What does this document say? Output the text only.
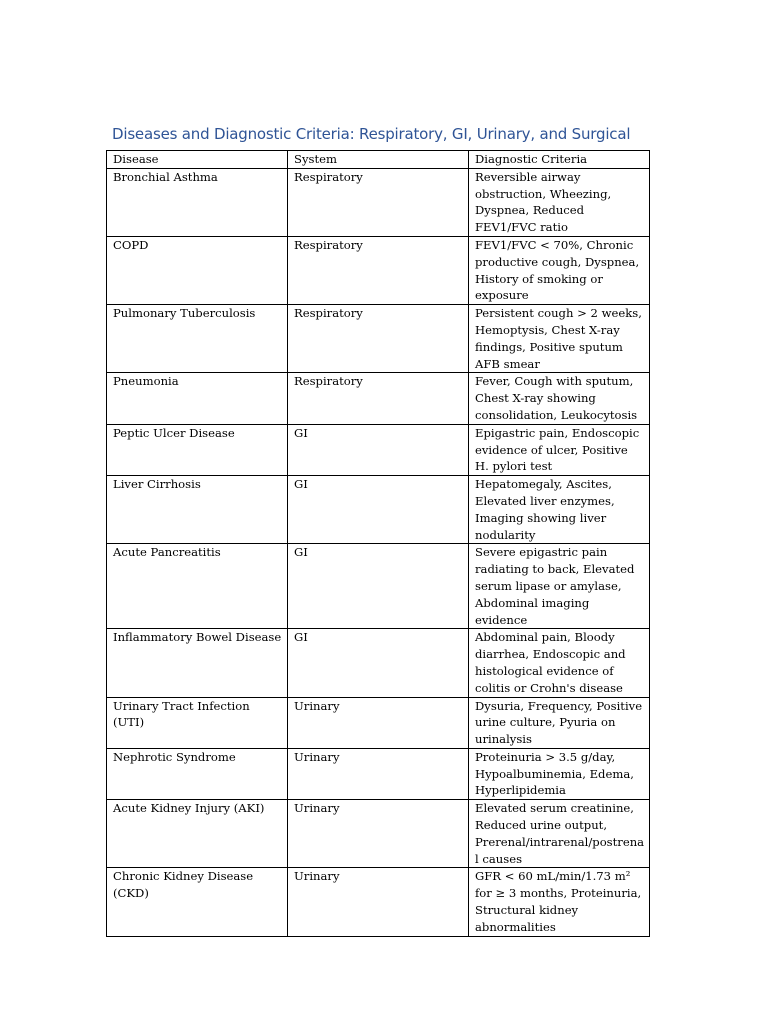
Diseases and Diagnostic Criteria: Respiratory, GI, Urinary, and Surgical
Disease	System	Diagnostic Criteria
Bronchial Asthma	Respiratory	Reversible airway obstruction, Wheezing, Dyspnea, Reduced FEV1/FVC ratio
COPD	Respiratory	FEV1/FVC < 70%, Chronic productive cough, Dyspnea, History of smoking or exposure
Pulmonary Tuberculosis	Respiratory	Persistent cough > 2 weeks, Hemoptysis, Chest X-ray findings, Positive sputum AFB smear
Pneumonia	Respiratory	Fever, Cough with sputum, Chest X-ray showing consolidation, Leukocytosis
Peptic Ulcer Disease	GI	Epigastric pain, Endoscopic evidence of ulcer, Positive H. pylori test
Liver Cirrhosis	GI	Hepatomegaly, Ascites, Elevated liver enzymes, Imaging showing liver nodularity
Acute Pancreatitis	GI	Severe epigastric pain radiating to back, Elevated serum lipase or amylase, Abdominal imaging evidence
Inflammatory Bowel Disease	GI	Abdominal pain, Bloody diarrhea, Endoscopic and histological evidence of colitis or Crohn's disease
Urinary Tract Infection (UTI)	Urinary	Dysuria, Frequency, Positive urine culture, Pyuria on urinalysis
Nephrotic Syndrome	Urinary	Proteinuria > 3.5 g/day, Hypoalbuminemia, Edema, Hyperlipidemia
Acute Kidney Injury (AKI)	Urinary	Elevated serum creatinine, Reduced urine output, Prerenal/intrarenal/postrenal causes
Chronic Kidney Disease (CKD)	Urinary	GFR < 60 mL/min/1.73 m² for ≥ 3 months, Proteinuria, Structural kidney abnormalities
